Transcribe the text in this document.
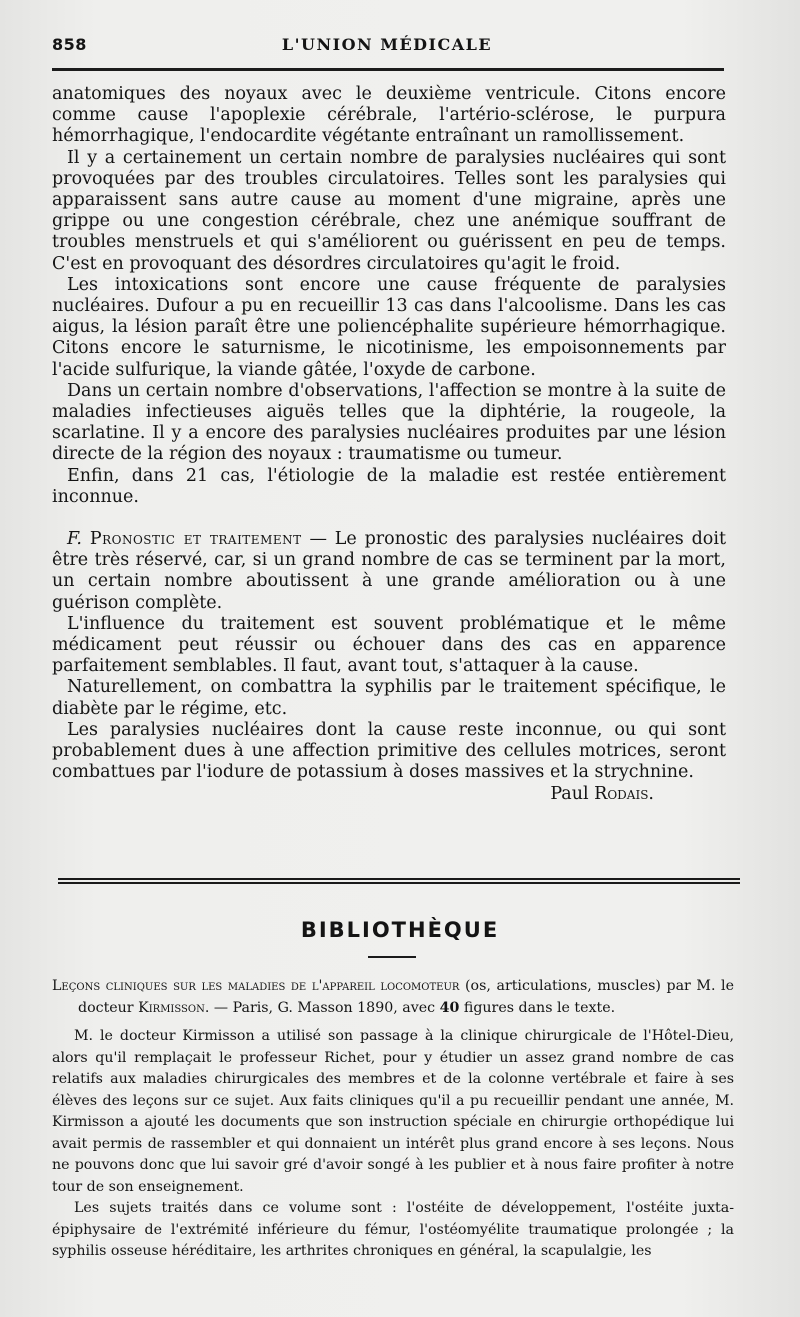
858	L'UNION MÉDICALE

anatomiques des noyaux avec le deuxième ventricule. Citons encore comme cause l'apoplexie cérébrale, l'artério-sclérose, le purpura hémorrhagique, l'endocardite végétante entraînant un ramollissement.

Il y a certainement un certain nombre de paralysies nucléaires qui sont provoquées par des troubles circulatoires. Telles sont les paralysies qui apparaissent sans autre cause au moment d'une migraine, après une grippe ou une congestion cérébrale, chez une anémique souffrant de troubles menstruels et qui s'améliorent ou guérissent en peu de temps. C'est en provoquant des désordres circulatoires qu'agit le froid.

Les intoxications sont encore une cause fréquente de paralysies nucléaires. Dufour a pu en recueillir 13 cas dans l'alcoolisme. Dans les cas aigus, la lésion paraît être une poliencéphalite supérieure hémorrhagique. Citons encore le saturnisme, le nicotinisme, les empoisonnements par l'acide sulfurique, la viande gâtée, l'oxyde de carbone.

Dans un certain nombre d'observations, l'affection se montre à la suite de maladies infectieuses aiguës telles que la diphtérie, la rougeole, la scarlatine. Il y a encore des paralysies nucléaires produites par une lésion directe de la région des noyaux : traumatisme ou tumeur.

Enfin, dans 21 cas, l'étiologie de la maladie est restée entièrement inconnue.

F. Pronostic et traitement — Le pronostic des paralysies nucléaires doit être très réservé, car, si un grand nombre de cas se terminent par la mort, un certain nombre aboutissent à une grande amélioration ou à une guérison complète.

L'influence du traitement est souvent problématique et le même médicament peut réussir ou échouer dans des cas en apparence parfaitement semblables. Il faut, avant tout, s'attaquer à la cause.

Naturellement, on combattra la syphilis par le traitement spécifique, le diabète par le régime, etc.

Les paralysies nucléaires dont la cause reste inconnue, ou qui sont probablement dues à une affection primitive des cellules motrices, seront combattues par l'iodure de potassium à doses massives et la strychnine.

Paul Rodais.

BIBLIOTHÈQUE

Leçons cliniques sur les maladies de l'appareil locomoteur (os, articulations, muscles) par M. le docteur Kirmisson. — Paris, G. Masson 1890, avec 40 figures dans le texte.

M. le docteur Kirmisson a utilisé son passage à la clinique chirurgicale de l'Hôtel-Dieu, alors qu'il remplaçait le professeur Richet, pour y étudier un assez grand nombre de cas relatifs aux maladies chirurgicales des membres et de la colonne vertébrale et faire à ses élèves des leçons sur ce sujet. Aux faits cliniques qu'il a pu recueillir pendant une année, M. Kirmisson a ajouté les documents que son instruction spéciale en chirurgie orthopédique lui avait permis de rassembler et qui donnaient un intérêt plus grand encore à ses leçons. Nous ne pouvons donc que lui savoir gré d'avoir songé à les publier et à nous faire profiter à notre tour de son enseignement.

Les sujets traités dans ce volume sont : l'ostéite de développement, l'ostéite juxta-épiphysaire de l'extrémité inférieure du fémur, l'ostéomyélite traumatique prolongée ; la syphilis osseuse héréditaire, les arthrites chroniques en général, la scapulalgie, les
